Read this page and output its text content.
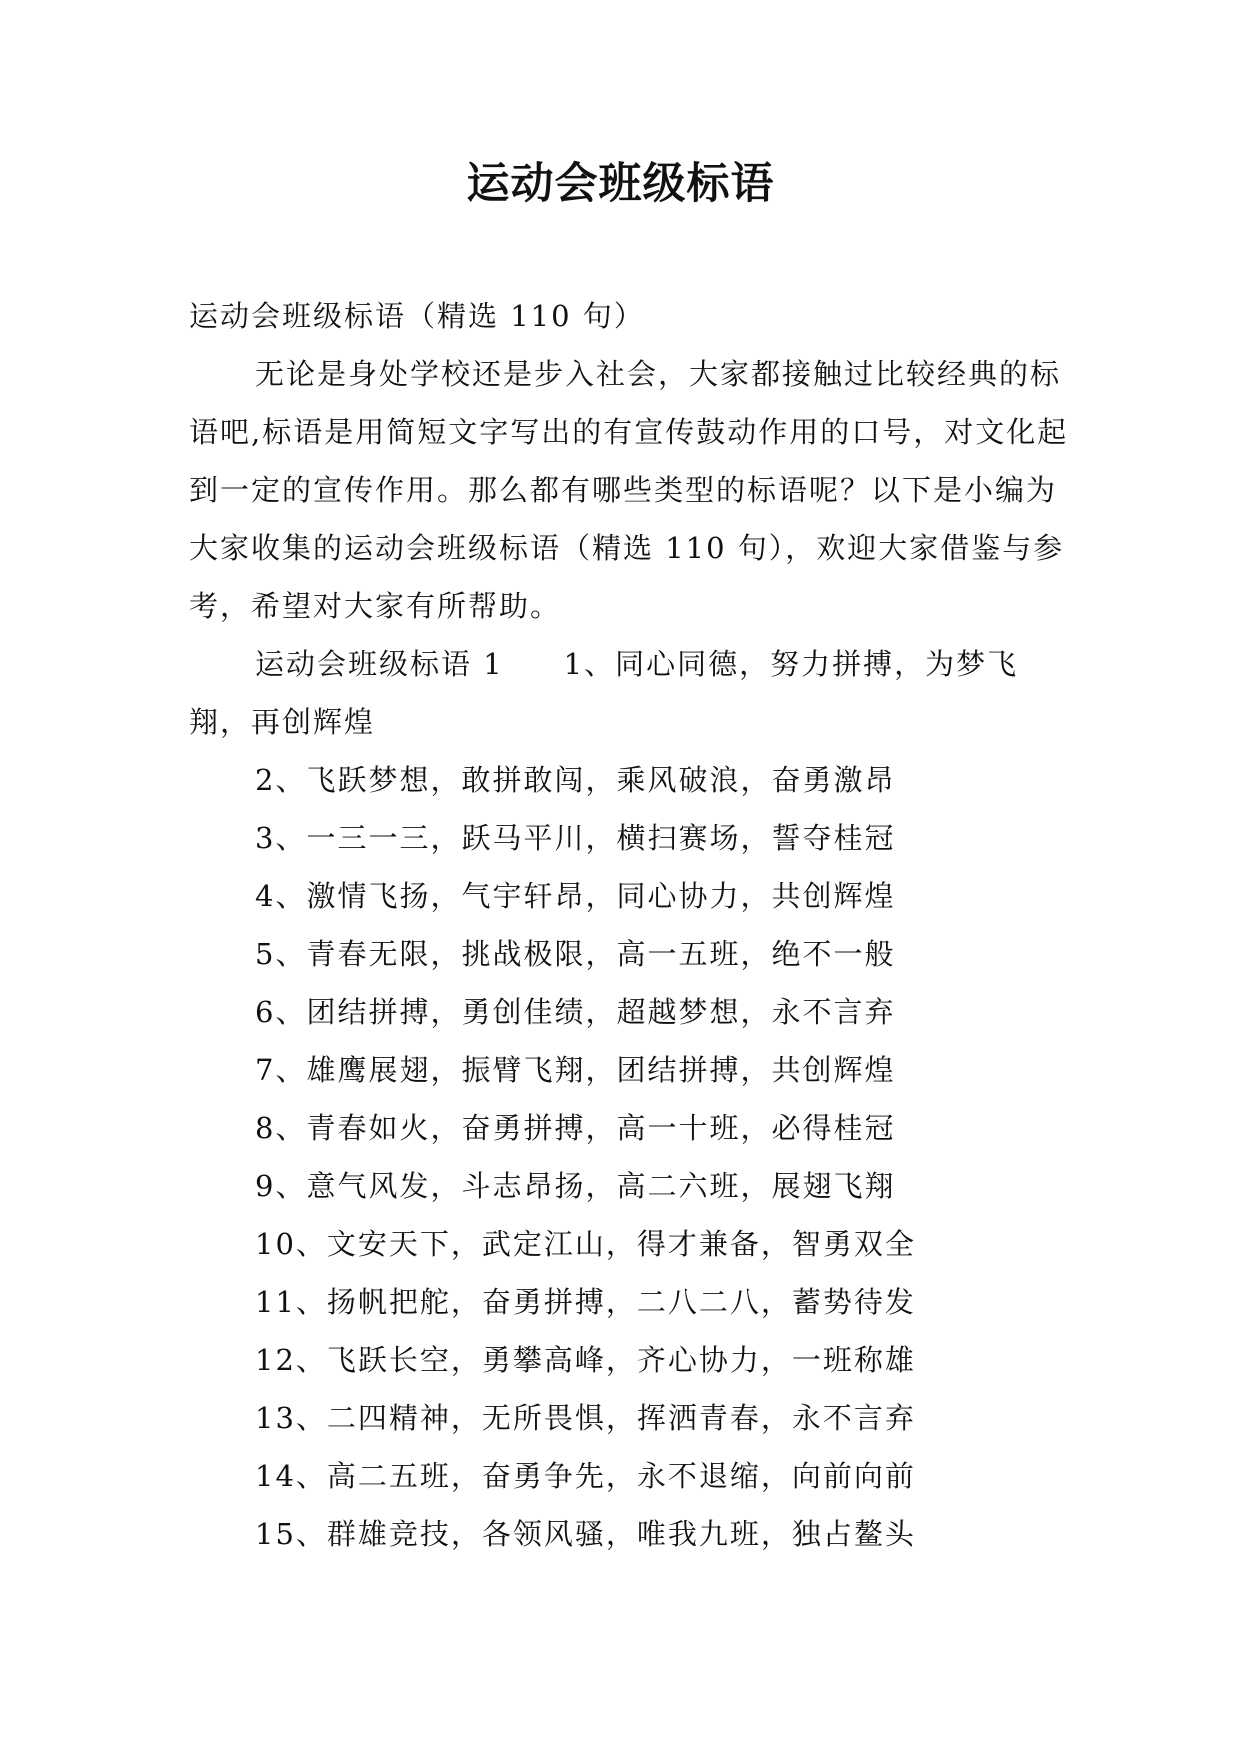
运动会班级标语

运动会班级标语（精选 110 句）

无论是身处学校还是步入社会，大家都接触过比较经典的标语吧,标语是用简短文字写出的有宣传鼓动作用的口号，对文化起到一定的宣传作用。那么都有哪些类型的标语呢？以下是小编为大家收集的运动会班级标语（精选 110 句），欢迎大家借鉴与参考，希望对大家有所帮助。

运动会班级标语 1 1、同心同德，努力拼搏，为梦飞翔，再创辉煌

2、飞跃梦想，敢拼敢闯，乘风破浪，奋勇激昂
3、一三一三，跃马平川，横扫赛场，誓夺桂冠
4、激情飞扬，气宇轩昂，同心协力，共创辉煌
5、青春无限，挑战极限，高一五班，绝不一般
6、团结拼搏，勇创佳绩，超越梦想，永不言弃
7、雄鹰展翅，振臂飞翔，团结拼搏，共创辉煌
8、青春如火，奋勇拼搏，高一十班，必得桂冠
9、意气风发，斗志昂扬，高二六班，展翅飞翔
10、文安天下，武定江山，得才兼备，智勇双全
11、扬帆把舵，奋勇拼搏，二八二八，蓄势待发
12、飞跃长空，勇攀高峰，齐心协力，一班称雄
13、二四精神，无所畏惧，挥洒青春，永不言弃
14、高二五班，奋勇争先，永不退缩，向前向前
15、群雄竞技，各领风骚，唯我九班，独占鳌头
